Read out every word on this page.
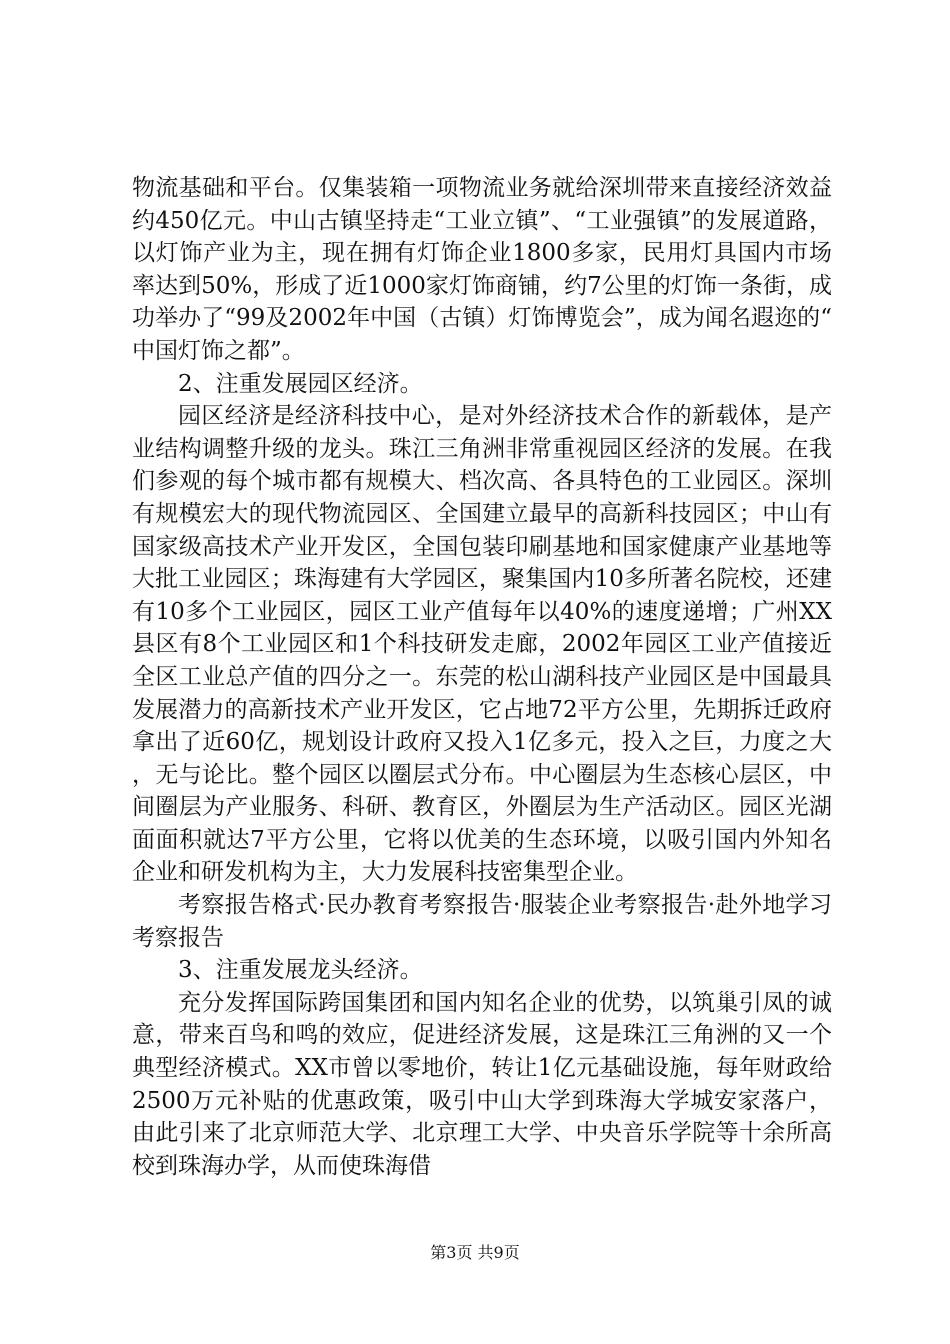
物流基础和平台。仅集装箱一项物流业务就给深圳带来直接经济效益约450亿元。中山古镇坚持走“工业立镇”、“工业强镇”的发展道路，以灯饰产业为主，现在拥有灯饰企业1800多家，民用灯具国内市场率达到50%，形成了近1000家灯饰商铺，约7公里的灯饰一条街，成功举办了“99及2002年中国（古镇）灯饰博览会”，成为闻名遐迩的“中国灯饰之都”。

2、注重发展园区经济。

园区经济是经济科技中心，是对外经济技术合作的新载体，是产业结构调整升级的龙头。珠江三角洲非常重视园区经济的发展。在我们参观的每个城市都有规模大、档次高、各具特色的工业园区。深圳有规模宏大的现代物流园区、全国建立最早的高新科技园区；中山有国家级高技术产业开发区，全国包装印刷基地和国家健康产业基地等大批工业园区；珠海建有大学园区，聚集国内10多所著名院校，还建有10多个工业园区，园区工业产值每年以40%的速度递增；广州XX县区有8个工业园区和1个科技研发走廊，2002年园区工业产值接近全区工业总产值的四分之一。东莞的松山湖科技产业园区是中国最具发展潜力的高新技术产业开发区，它占地72平方公里，先期拆迁政府拿出了近60亿，规划设计政府又投入1亿多元，投入之巨，力度之大，无与论比。整个园区以圈层式分布。中心圈层为生态核心层区，中间圈层为产业服务、科研、教育区，外圈层为生产活动区。园区光湖面面积就达7平方公里，它将以优美的生态环境，以吸引国内外知名企业和研发机构为主，大力发展科技密集型企业。

考察报告格式·民办教育考察报告·服装企业考察报告·赴外地学习考察报告

3、注重发展龙头经济。

充分发挥国际跨国集团和国内知名企业的优势，以筑巢引凤的诚意，带来百鸟和鸣的效应，促进经济发展，这是珠江三角洲的又一个典型经济模式。XX市曾以零地价，转让1亿元基础设施，每年财政给2500万元补贴的优惠政策，吸引中山大学到珠海大学城安家落户，由此引来了北京师范大学、北京理工大学、中央音乐学院等十余所高校到珠海办学，从而使珠海借

第3页 共9页
